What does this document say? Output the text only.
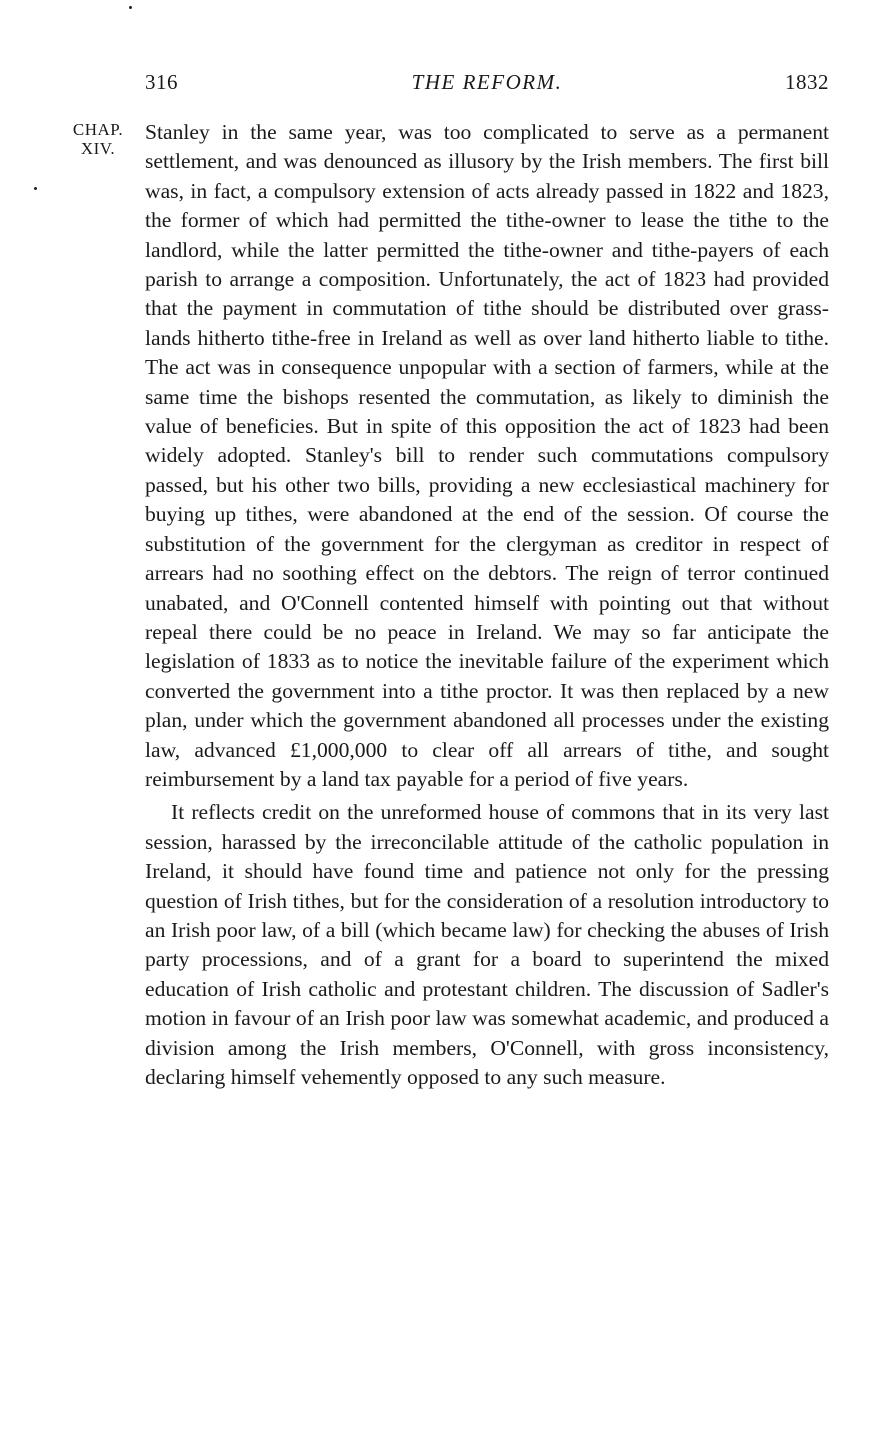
316	THE REFORM.	1832
CHAP.
XIV.

Stanley in the same year, was too complicated to serve as a permanent settlement, and was denounced as illusory by the Irish members. The first bill was, in fact, a compulsory extension of acts already passed in 1822 and 1823, the former of which had permitted the tithe-owner to lease the tithe to the landlord, while the latter permitted the tithe-owner and tithe-payers of each parish to arrange a composition. Unfortunately, the act of 1823 had provided that the payment in commutation of tithe should be distributed over grass-lands hitherto tithe-free in Ireland as well as over land hitherto liable to tithe. The act was in consequence unpopular with a section of farmers, while at the same time the bishops resented the commutation, as likely to diminish the value of beneficies. But in spite of this opposition the act of 1823 had been widely adopted. Stanley's bill to render such commutations compulsory passed, but his other two bills, providing a new ecclesiastical machinery for buying up tithes, were abandoned at the end of the session. Of course the substitution of the government for the clergyman as creditor in respect of arrears had no soothing effect on the debtors. The reign of terror continued unabated, and O'Connell contented himself with pointing out that without repeal there could be no peace in Ireland. We may so far anticipate the legislation of 1833 as to notice the inevitable failure of the experiment which converted the government into a tithe proctor. It was then replaced by a new plan, under which the government abandoned all processes under the existing law, advanced £1,000,000 to clear off all arrears of tithe, and sought reimbursement by a land tax payable for a period of five years.

It reflects credit on the unreformed house of commons that in its very last session, harassed by the irreconcilable attitude of the catholic population in Ireland, it should have found time and patience not only for the pressing question of Irish tithes, but for the consideration of a resolution introductory to an Irish poor law, of a bill (which became law) for checking the abuses of Irish party processions, and of a grant for a board to superintend the mixed education of Irish catholic and protestant children. The discussion of Sadler's motion in favour of an Irish poor law was somewhat academic, and produced a division among the Irish members, O'Connell, with gross inconsistency, declaring himself vehemently opposed to any such measure.
